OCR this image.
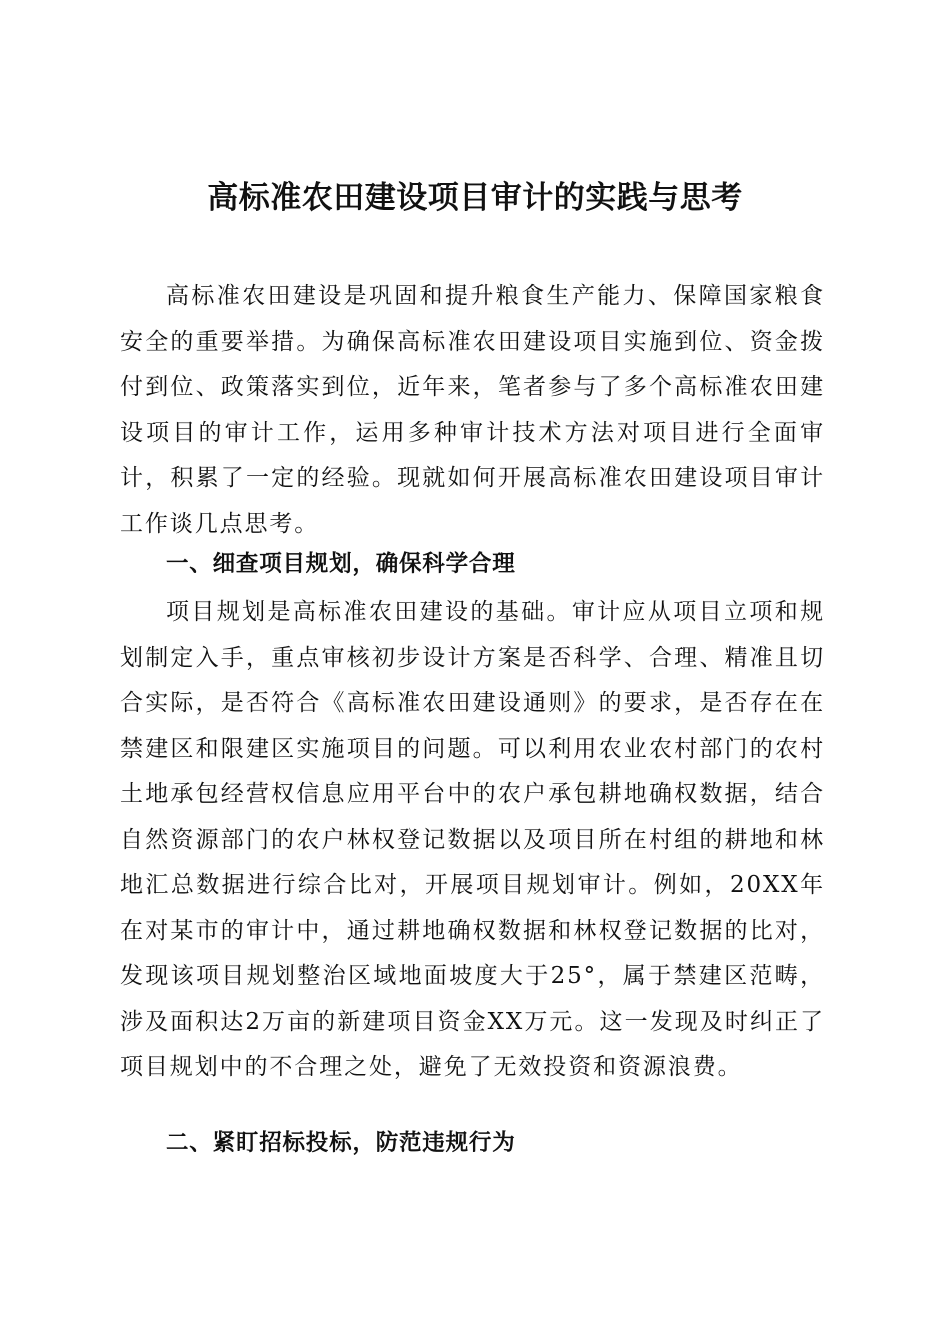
高标准农田建设项目审计的实践与思考

高标准农田建设是巩固和提升粮食生产能力、保障国家粮食安全的重要举措。为确保高标准农田建设项目实施到位、资金拨付到位、政策落实到位，近年来，笔者参与了多个高标准农田建设项目的审计工作，运用多种审计技术方法对项目进行全面审计，积累了一定的经验。现就如何开展高标准农田建设项目审计工作谈几点思考。

一、细查项目规划，确保科学合理

项目规划是高标准农田建设的基础。审计应从项目立项和规划制定入手，重点审核初步设计方案是否科学、合理、精准且切合实际，是否符合《高标准农田建设通则》的要求，是否存在在禁建区和限建区实施项目的问题。可以利用农业农村部门的农村土地承包经营权信息应用平台中的农户承包耕地确权数据，结合自然资源部门的农户林权登记数据以及项目所在村组的耕地和林地汇总数据进行综合比对，开展项目规划审计。例如，20XX年在对某市的审计中，通过耕地确权数据和林权登记数据的比对，发现该项目规划整治区域地面坡度大于25°，属于禁建区范畴，涉及面积达2万亩的新建项目资金XX万元。这一发现及时纠正了项目规划中的不合理之处，避免了无效投资和资源浪费。

二、紧盯招标投标，防范违规行为
